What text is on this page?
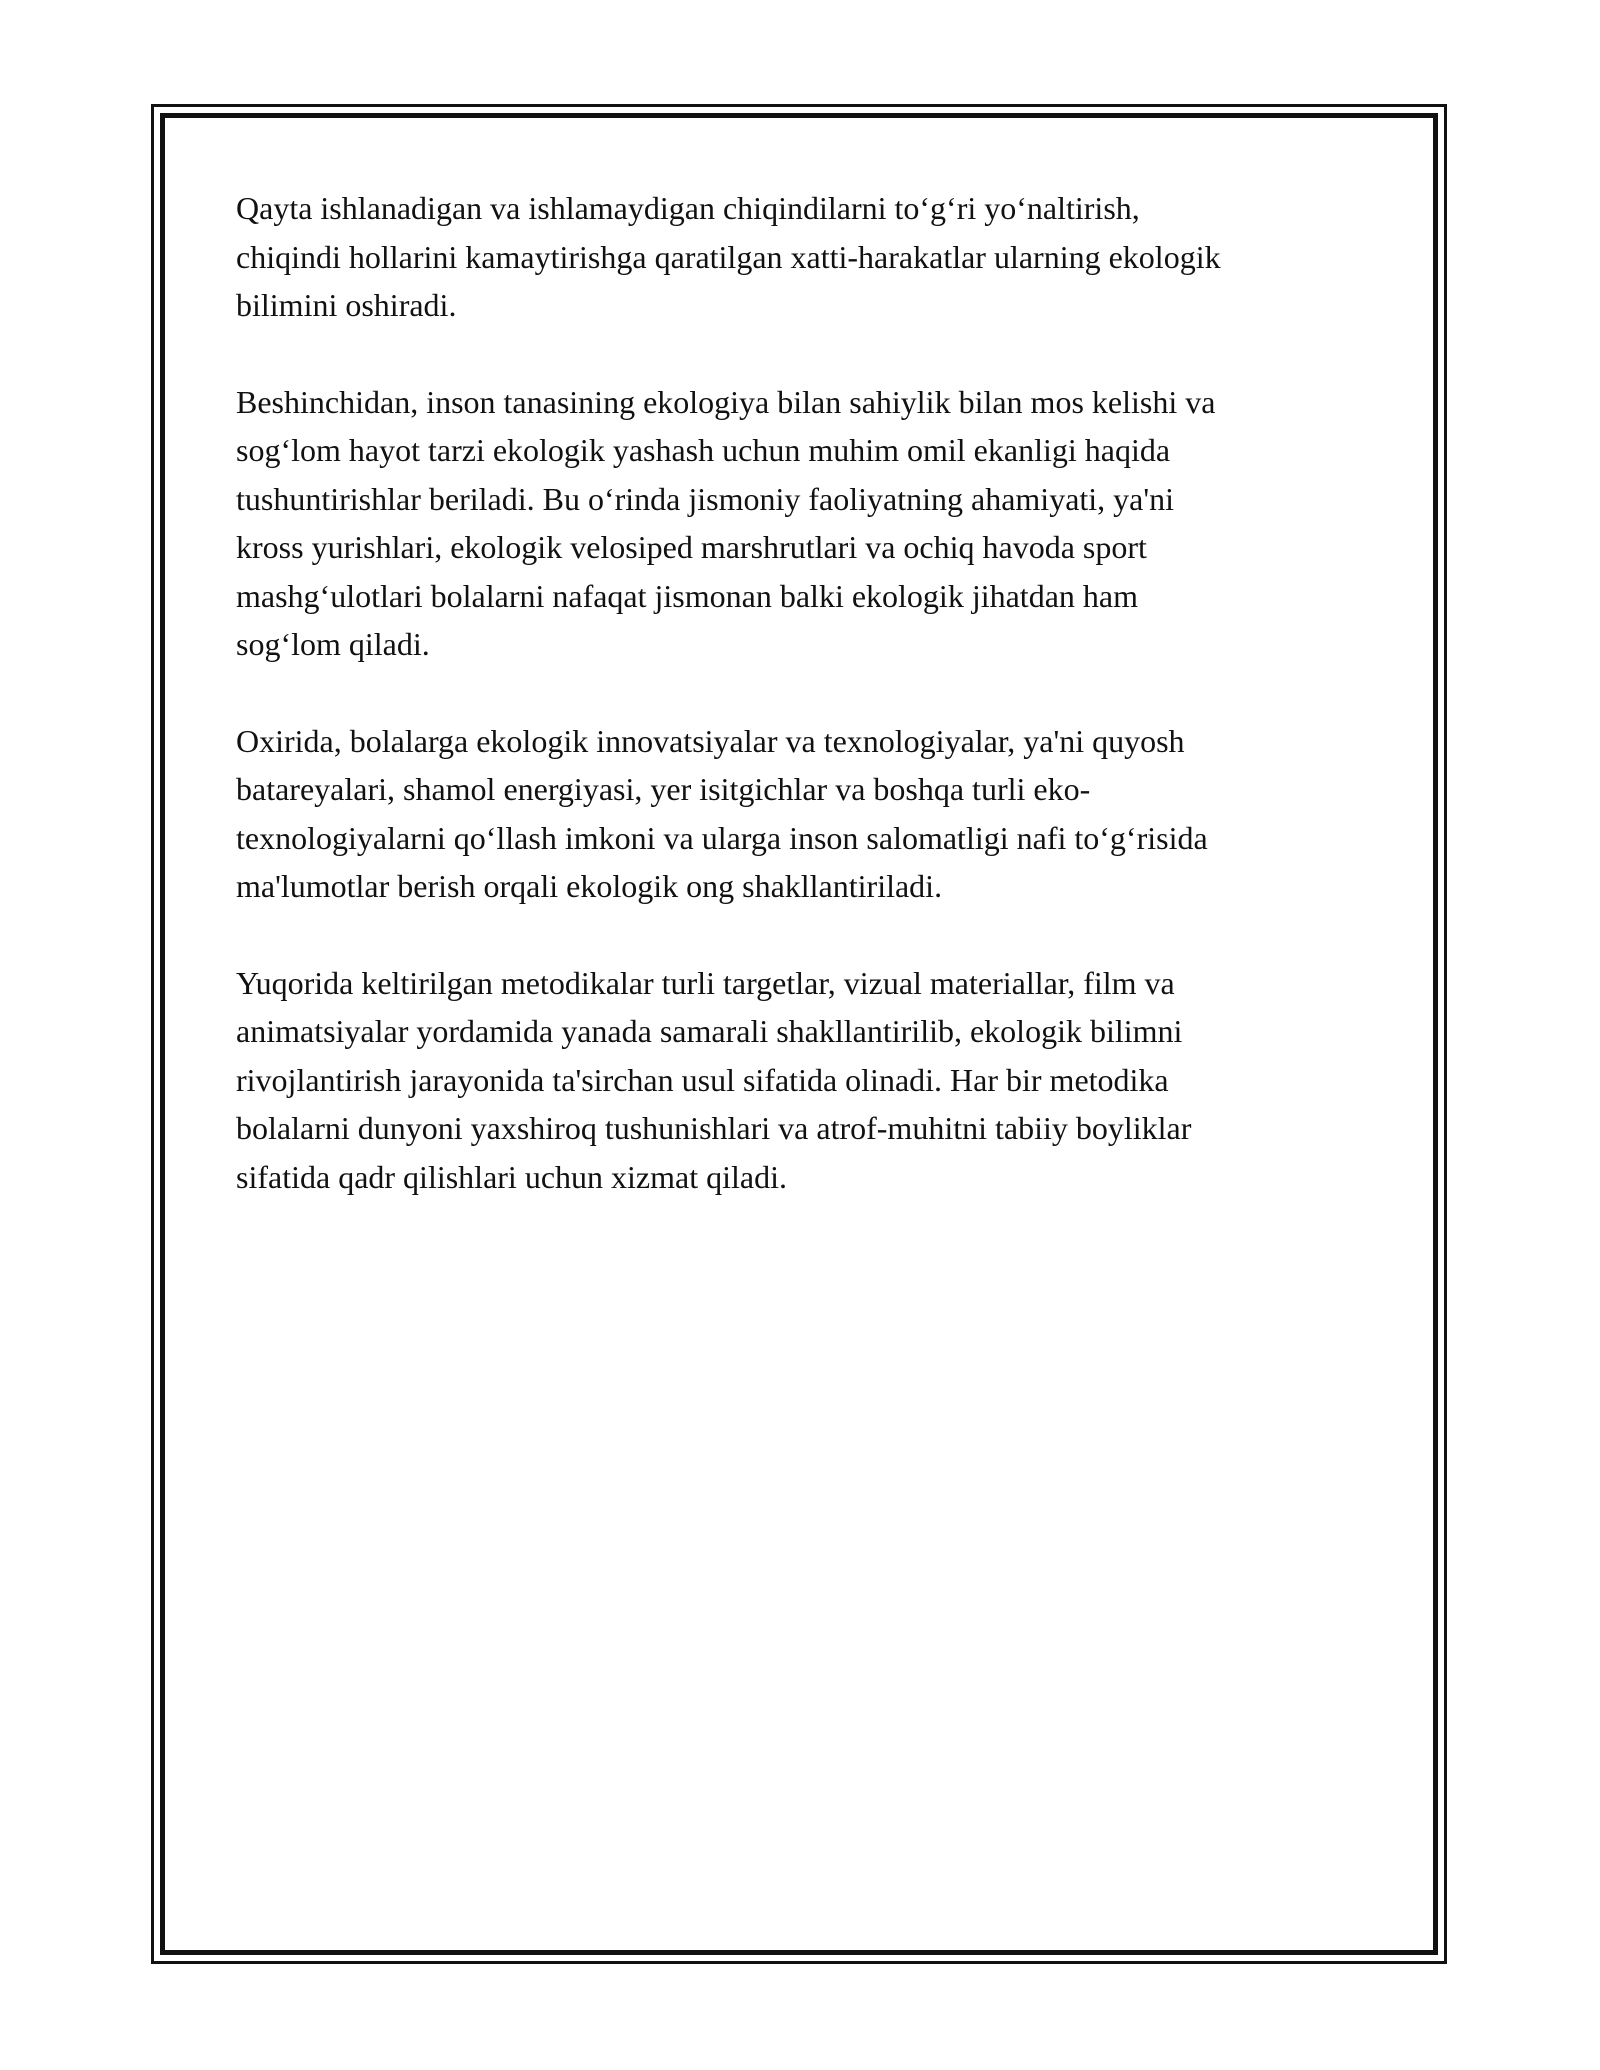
Qayta ishlanadigan va ishlamaydigan chiqindilarni to‘g‘ri yo‘naltirish,
chiqindi hollarini kamaytirishga qaratilgan xatti-harakatlar ularning ekologik
bilimini oshiradi.

Beshinchidan, inson tanasining ekologiya bilan sahiylik bilan mos kelishi va
sog‘lom hayot tarzi ekologik yashash uchun muhim omil ekanligi haqida
tushuntirishlar beriladi. Bu o‘rinda jismoniy faoliyatning ahamiyati, ya'ni
kross yurishlari, ekologik velosiped marshrutlari va ochiq havoda sport
mashg‘ulotlari bolalarni nafaqat jismonan balki ekologik jihatdan ham
sog‘lom qiladi.

Oxirida, bolalarga ekologik innovatsiyalar va texnologiyalar, ya'ni quyosh
batareyalari, shamol energiyasi, yer isitgichlar va boshqa turli eko-
texnologiyalarni qo‘llash imkoni va ularga inson salomatligi nafi to‘g‘risida
ma'lumotlar berish orqali ekologik ong shakllantiriladi.

Yuqorida keltirilgan metodikalar turli targetlar, vizual materiallar, film va
animatsiyalar yordamida yanada samarali shakllantirilib, ekologik bilimni
rivojlantirish jarayonida ta'sirchan usul sifatida olinadi. Har bir metodika
bolalarni dunyoni yaxshiroq tushunishlari va atrof-muhitni tabiiy boyliklar
sifatida qadr qilishlari uchun xizmat qiladi.
